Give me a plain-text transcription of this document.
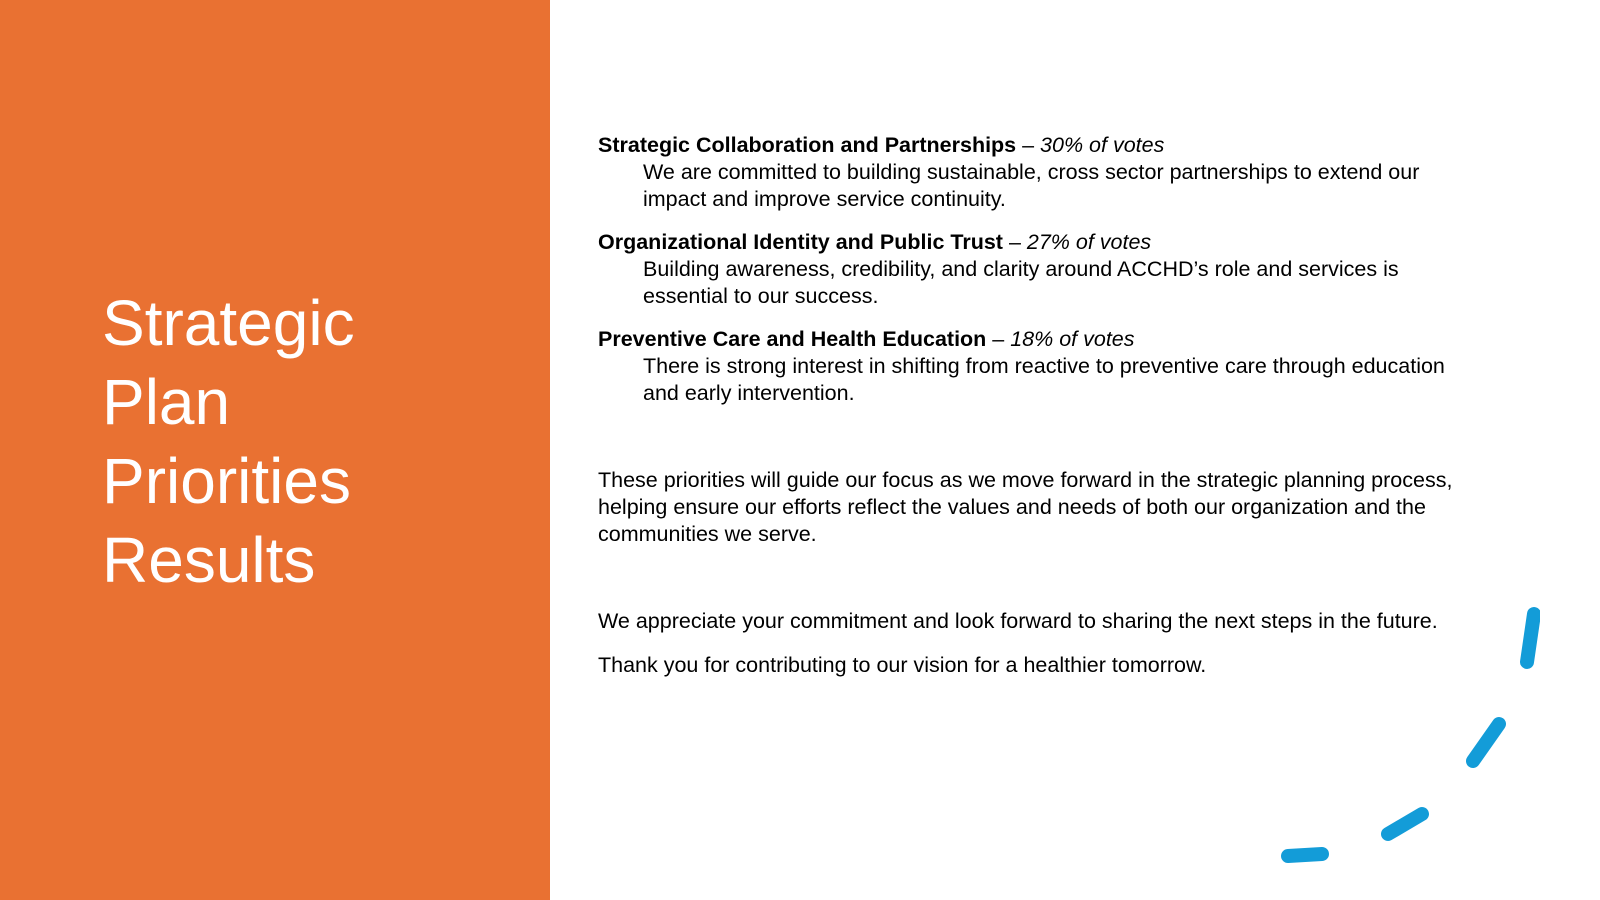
Strategic
Plan
Priorities
Results
Strategic Collaboration and Partnerships – 30% of votes
We are committed to building sustainable, cross sector partnerships to extend our impact and improve service continuity.
Organizational Identity and Public Trust – 27% of votes
Building awareness, credibility, and clarity around ACCHD’s role and services is essential to our success.
Preventive Care and Health Education – 18% of votes
There is strong interest in shifting from reactive to preventive care through education and early intervention.

These priorities will guide our focus as we move forward in the strategic planning process, helping ensure our efforts reflect the values and needs of both our organization and the communities we serve.

We appreciate your commitment and look forward to sharing the next steps in the future.

Thank you for contributing to our vision for a healthier tomorrow.
